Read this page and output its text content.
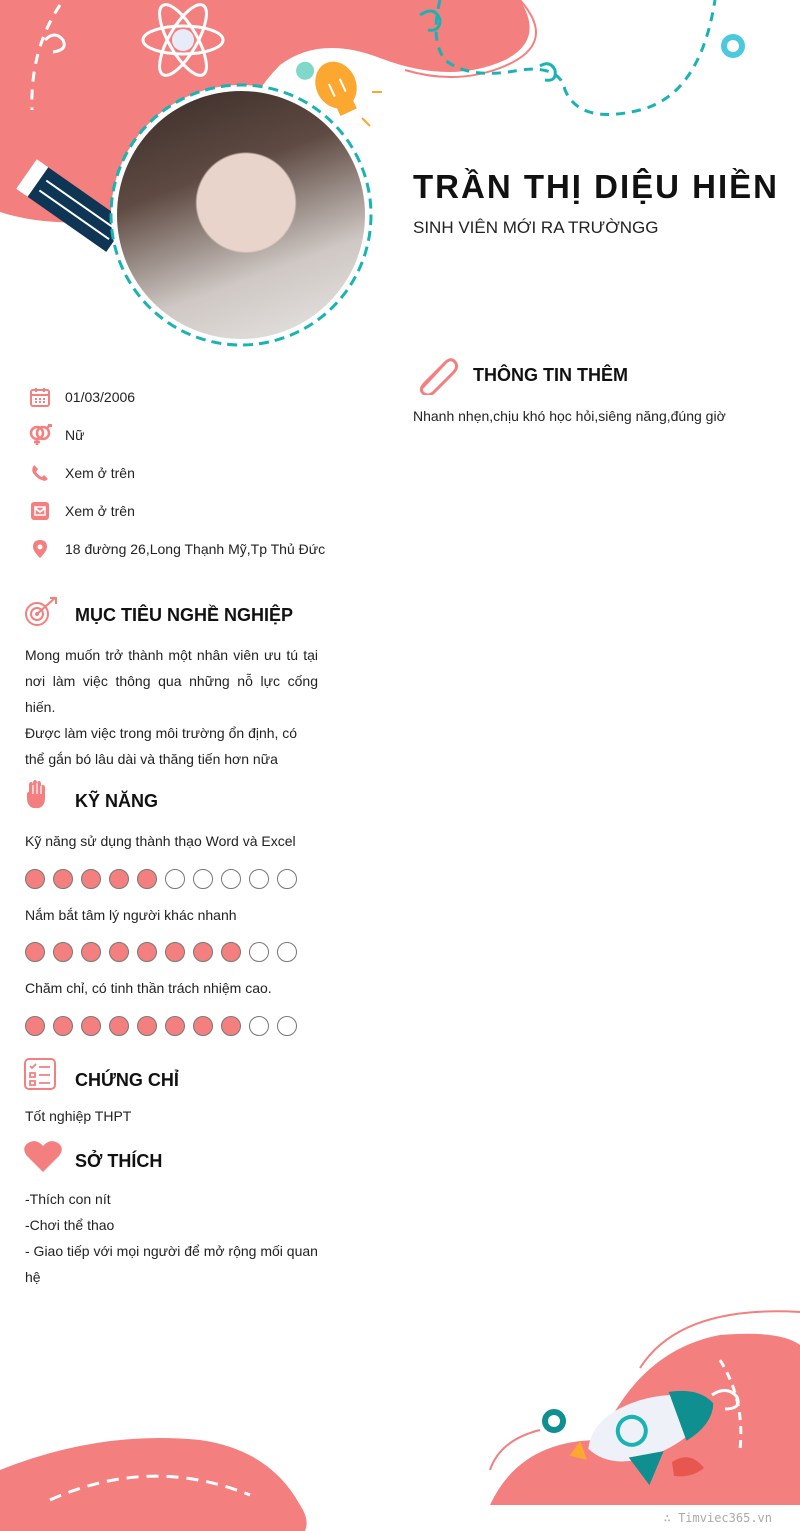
TRẦN THỊ DIỆU HIỀN
SINH VIÊN MỚI RA TRƯỜNGG
01/03/2006
Nữ
Xem ở trên
Xem ở trên
18 đường 26,Long Thạnh Mỹ,Tp Thủ Đức
THÔNG TIN THÊM
Nhanh nhẹn,chịu khó học hỏi,siêng năng,đúng giờ
MỤC TIÊU NGHỀ NGHIỆP
Mong muốn trở thành một nhân viên ưu tú tại nơi làm việc thông qua những nỗ lực cống hiến.
Được làm việc trong môi trường ổn định, có thể gắn bó lâu dài và thăng tiến hơn nữa
KỸ NĂNG
Kỹ năng sử dụng thành thạo Word và Excel
Nắm bắt tâm lý người khác nhanh
Chăm chỉ, có tinh thần trách nhiệm cao.
CHỨNG CHỈ
Tốt nghiệp THPT
SỞ THÍCH
-Thích con nít
-Chơi thể thao
- Giao tiếp với mọi người để mở rộng mối quan hệ
∴ Timviec365.vn
